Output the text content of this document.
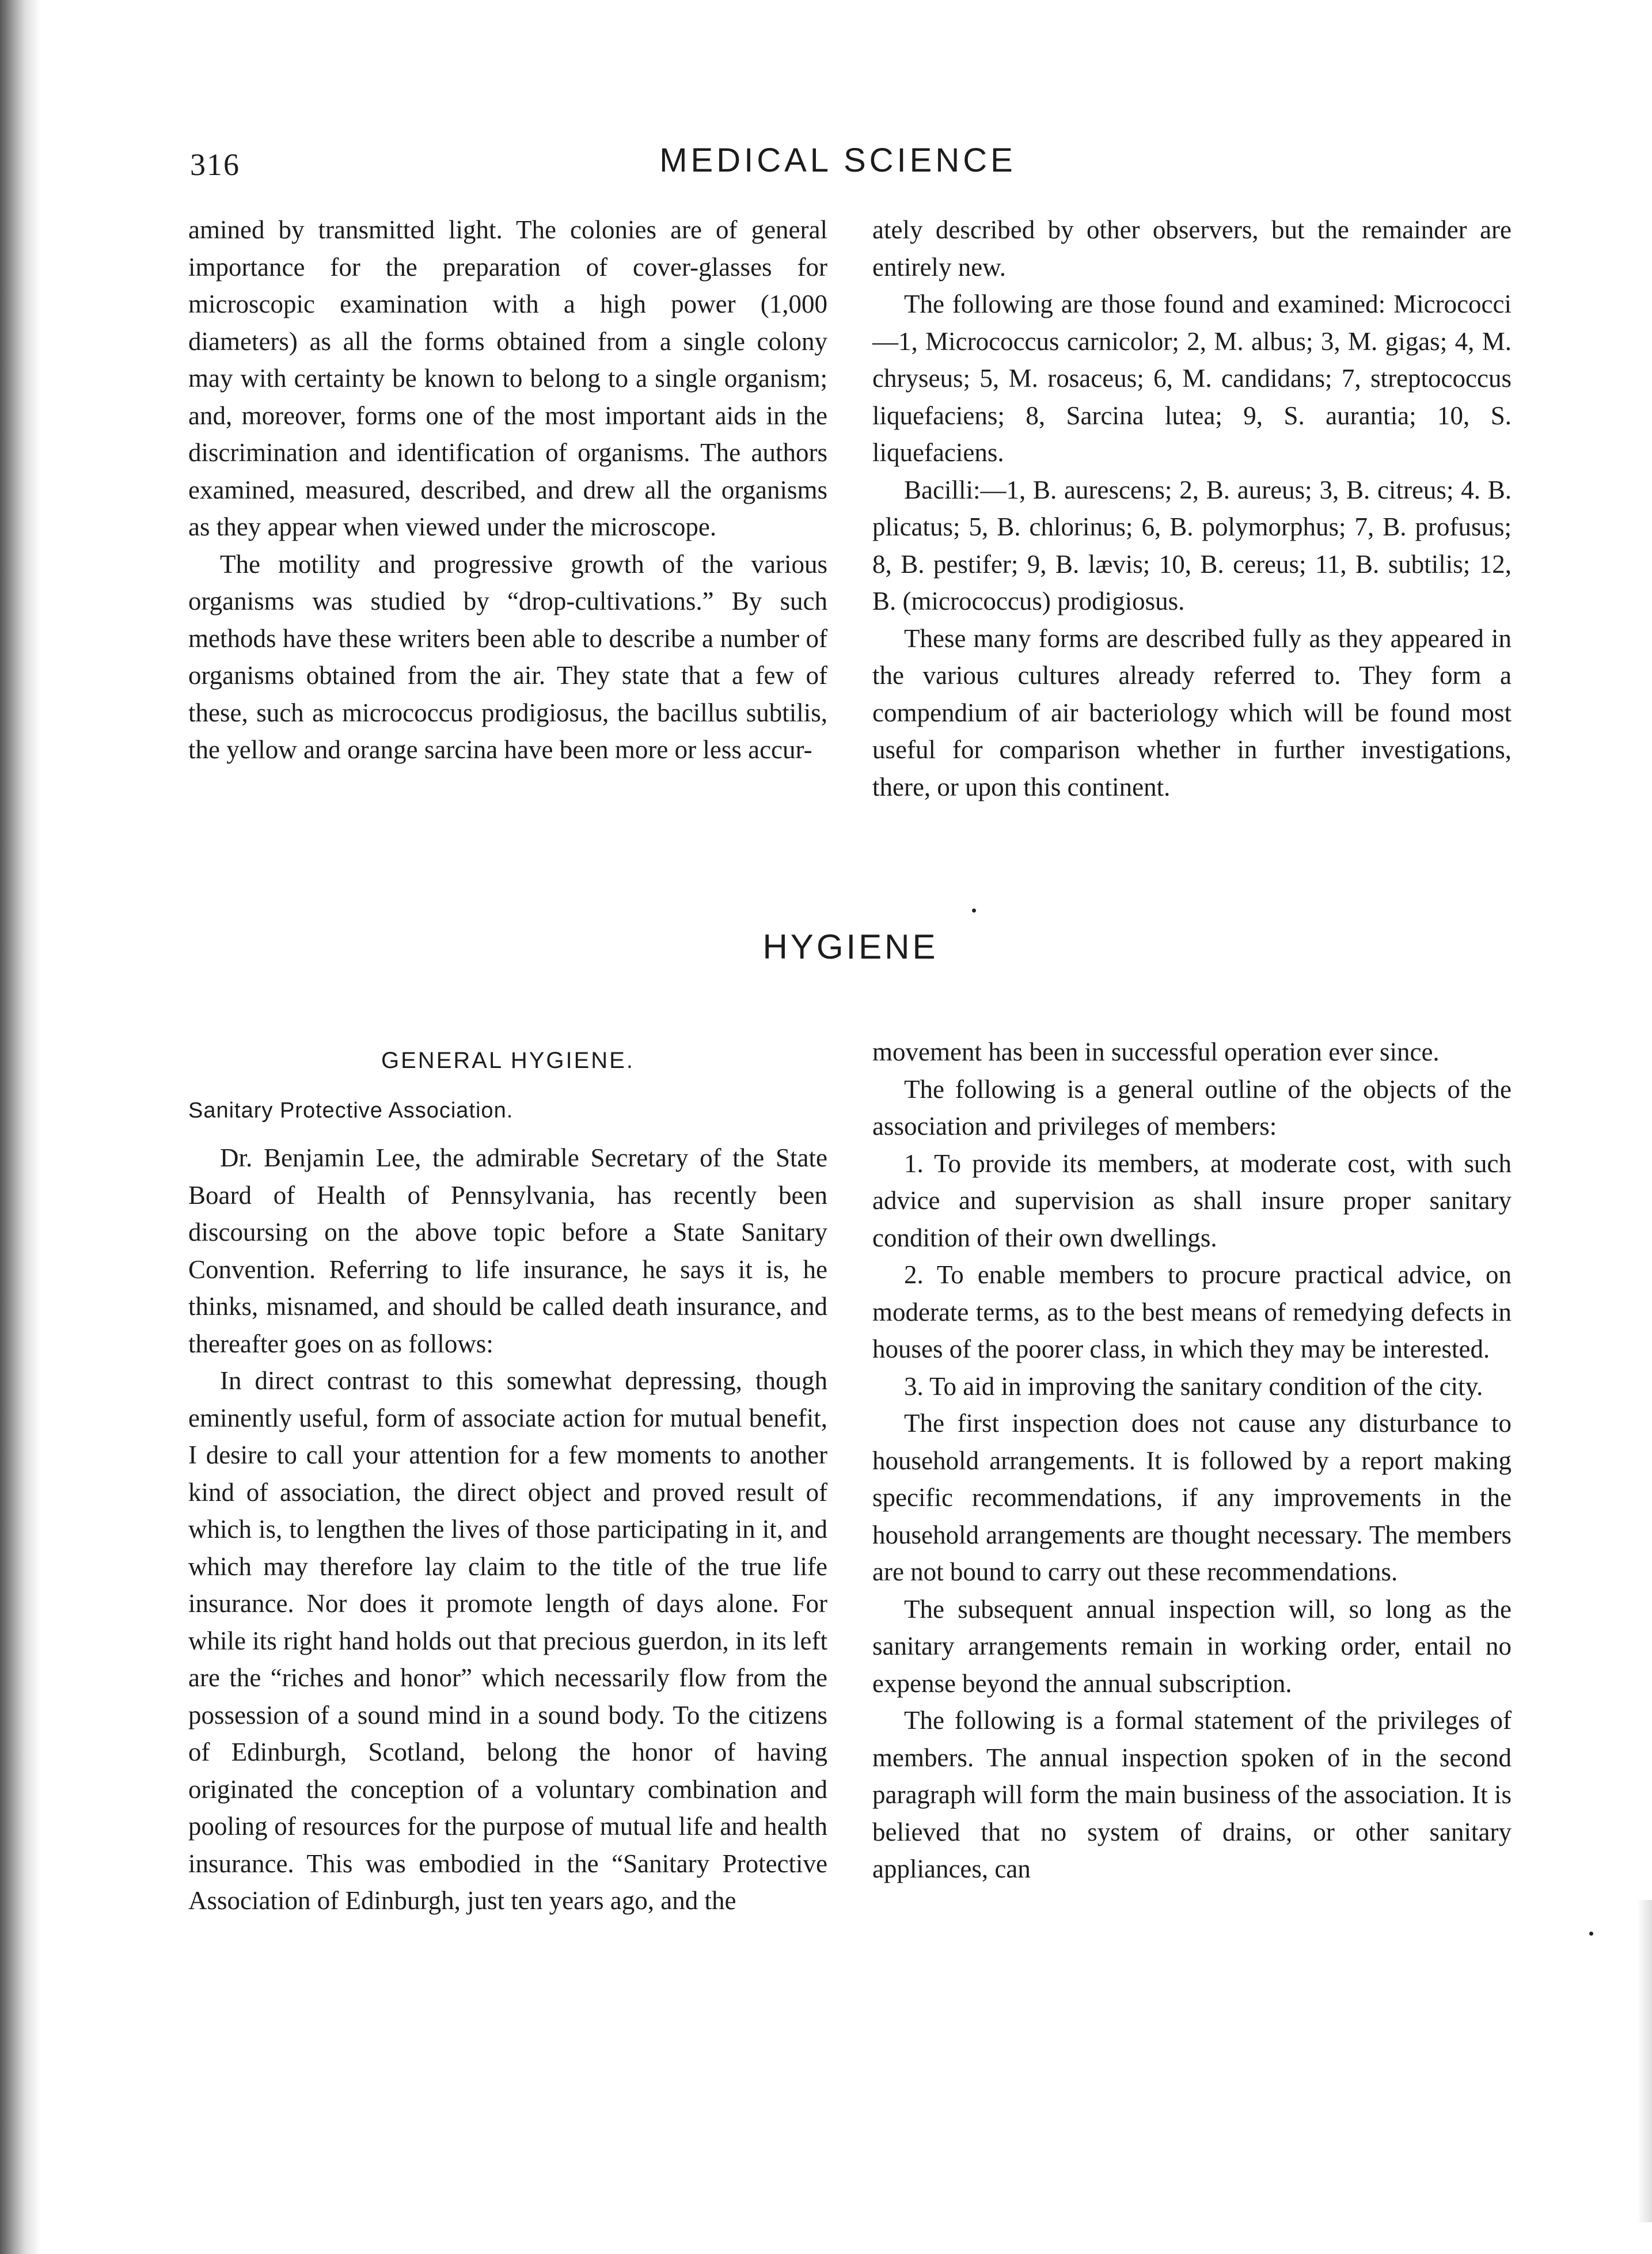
316	MEDICAL SCIENCE

amined by transmitted light. The colonies are of general importance for the preparation of cover-glasses for microscopic examination with a high power (1,000 diameters) as all the forms obtained from a single colony may with certainty be known to belong to a single organism; and, moreover, forms one of the most important aids in the discrimination and identification of organisms. The authors examined, measured, described, and drew all the organisms as they appear when viewed under the microscope.

The motility and progressive growth of the various organisms was studied by “drop-cultivations.” By such methods have these writers been able to describe a number of organisms obtained from the air. They state that a few of these, such as micrococcus prodigiosus, the bacillus subtilis, the yellow and orange sarcina have been more or less accur-

ately described by other observers, but the remainder are entirely new.

The following are those found and examined: Micrococci—1, Micrococcus carnicolor; 2, M. albus; 3, M. gigas; 4, M. chryseus; 5, M. rosaceus; 6, M. candidans; 7, streptococcus liquefaciens; 8, Sarcina lutea; 9, S. aurantia; 10, S. liquefaciens.

Bacilli:—1, B. aurescens; 2, B. aureus; 3, B. citreus; 4. B. plicatus; 5, B. chlorinus; 6, B. polymorphus; 7, B. profusus; 8, B. pestifer; 9, B. lævis; 10, B. cereus; 11, B. subtilis; 12, B. (micrococcus) prodigiosus.

These many forms are described fully as they appeared in the various cultures already referred to. They form a compendium of air bacteriology which will be found most useful for comparison whether in further investigations, there, or upon this continent.

HYGIENE
GENERAL HYGIENE.
Sanitary Protective Association.

Dr. Benjamin Lee, the admirable Secretary of the State Board of Health of Pennsylvania, has recently been discoursing on the above topic before a State Sanitary Convention. Referring to life insurance, he says it is, he thinks, misnamed, and should be called death insurance, and thereafter goes on as follows:

In direct contrast to this somewhat depressing, though eminently useful, form of associate action for mutual benefit, I desire to call your attention for a few moments to another kind of association, the direct object and proved result of which is, to lengthen the lives of those participating in it, and which may therefore lay claim to the title of the true life insurance. Nor does it promote length of days alone. For while its right hand holds out that precious guerdon, in its left are the “riches and honor” which necessarily flow from the possession of a sound mind in a sound body. To the citizens of Edinburgh, Scotland, belong the honor of having originated the conception of a voluntary combination and pooling of resources for the purpose of mutual life and health insurance. This was embodied in the “Sanitary Protective Association of Edinburgh, just ten years ago, and the

movement has been in successful operation ever since.

The following is a general outline of the objects of the association and privileges of members:

1. To provide its members, at moderate cost, with such advice and supervision as shall insure proper sanitary condition of their own dwellings.

2. To enable members to procure practical advice, on moderate terms, as to the best means of remedying defects in houses of the poorer class, in which they may be interested.

3. To aid in improving the sanitary condition of the city.

The first inspection does not cause any disturbance to household arrangements. It is followed by a report making specific recommendations, if any improvements in the household arrangements are thought necessary. The members are not bound to carry out these recommendations.

The subsequent annual inspection will, so long as the sanitary arrangements remain in working order, entail no expense beyond the annual subscription.

The following is a formal statement of the privileges of members. The annual inspection spoken of in the second paragraph will form the main business of the association. It is believed that no system of drains, or other sanitary appliances, can
